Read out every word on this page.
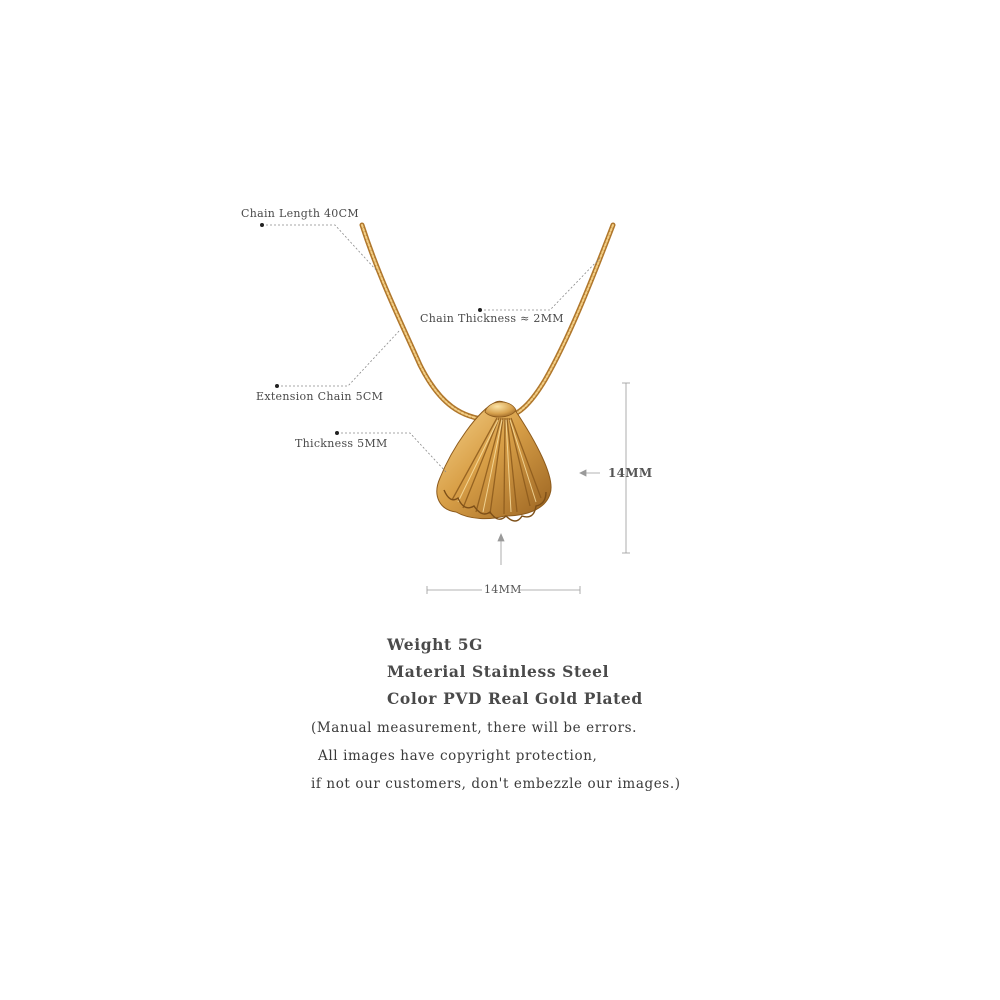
Chain Length 40CM
Chain Thickness ≈ 2MM
Extension Chain 5CM
Thickness 5MM
14MM
14MM
Weight 5G
Material Stainless Steel
Color PVD Real Gold Plated
(Manual measurement, there will be errors.
All images have copyright protection,
if not our customers, don't embezzle our images.)
